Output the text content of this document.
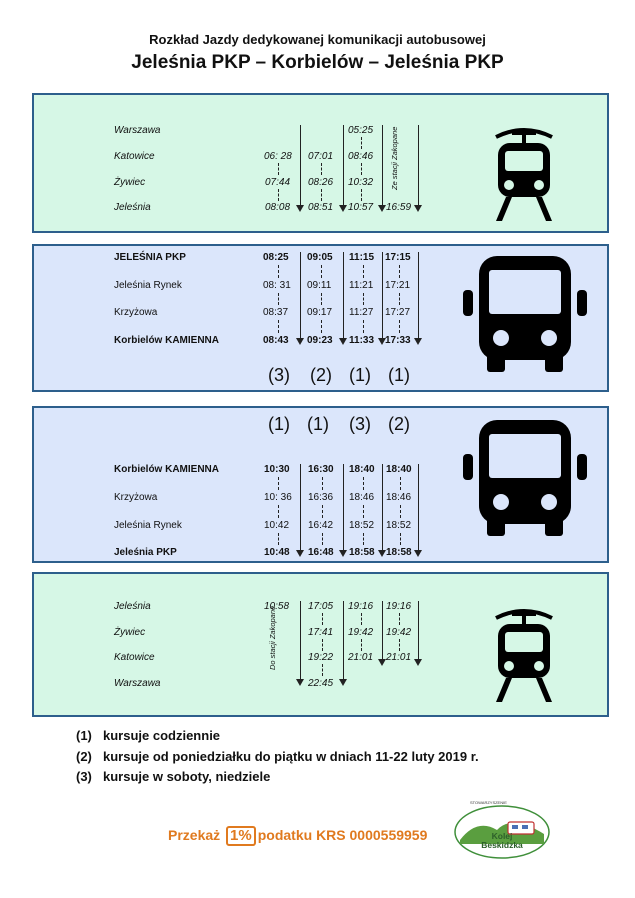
Rozkład Jazdy dedykowanej komunikacji autobusowej
Jeleśnia PKP – Korbielów – Jeleśnia PKP
Warszawa
Katowice
Żywiec
Jeleśnia
06: 28
07:44
08:08
07:01
08:26
08:51
05:25
08:46
10:32
10:57
Ze stacji Zakopane
16:59
JELEŚNIA PKP
Jeleśnia Rynek
Krzyżowa
Korbielów KAMIENNA
08:25
08: 31
08:37
08:43
09:05
09:11
09:17
09:23
11:15
11:21
11:27
11:33
17:15
17:21
17:27
17:33
(3) (2) (1) (1)
(1) (1) (3) (2)
Korbielów KAMIENNA
Krzyżowa
Jeleśnia Rynek
Jeleśnia PKP
10:30
10: 36
10:42
10:48
16:30
16:36
16:42
16:48
18:40
18:46
18:52
18:58
18:40
18:46
18:52
18:58
Jeleśnia
Żywiec
Katowice
Warszawa
10:58
Do stacji Zakopane	17:05
17:41
19:22
22:45
19:16
19:42
21:01
19:16
19:42
21:01
(1) kursuje codziennie
(2) kursuje od poniedziałku do piątku w dniach 11-22 luty 2019 r.
(3) kursuje w soboty, niedziele
Przekaż 1% podatku KRS 0000559959
STOWARZYSZENIE
Kolej Beskidzka
